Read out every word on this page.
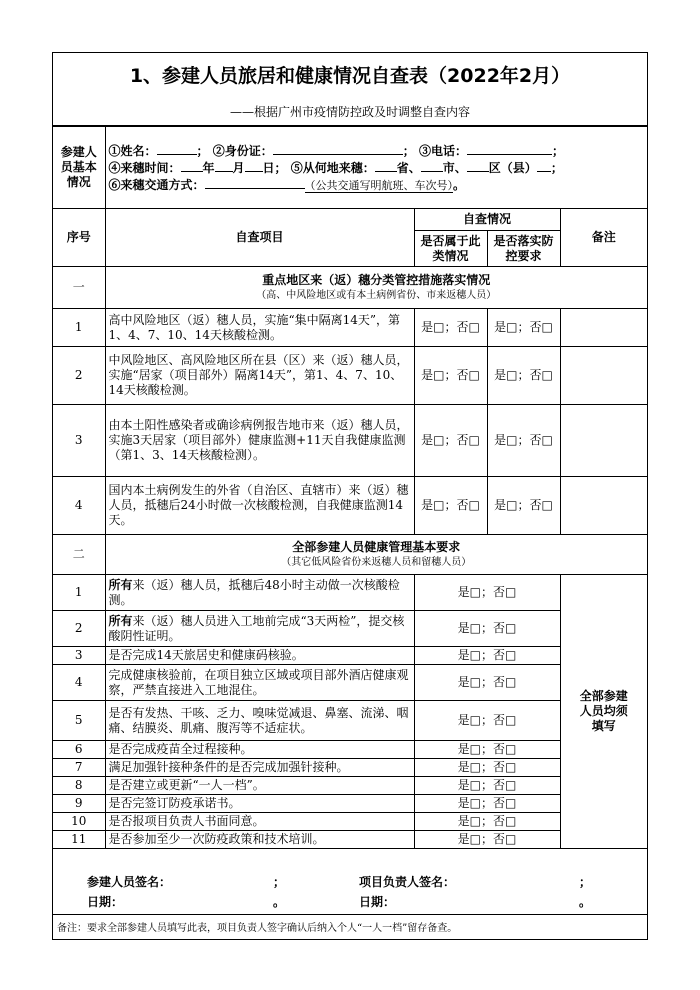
1、参建人员旅居和健康情况自查表（2022年2月）
——根据广州市疫情防控政及时调整自查内容
参建人员基本情况	①姓名： ； ②身份证： ； ③电话： ；
④来穗时间： 年 月 日； ⑤从何地来穗： 省、 市、 区（县） ；
⑥来穗交通方式： （公共交通写明航班、车次号）。			

序号	自查项目	自查情况		备注
		是否属于此类情况	是否落实防控要求	
一	重点地区来（返）穗分类管控措施落实情况
（高、中风险地区或有本土病例省份、市来返穗人员）			

1	高中风险地区（返）穗人员，实施“集中隔离14天”，第1、4、7、10、14天核酸检测。	是□；否□	是□；否□	
2	中风险地区、高风险地区所在县（区）来（返）穗人员，实施“居家（项目部外）隔离14天”，第1、4、7、10、14天核酸检测。	是□；否□	是□；否□	
3	由本土阳性感染者或确诊病例报告地市来（返）穗人员，实施3天居家（项目部外）健康监测+11天自我健康监测（第1、3、14天核酸检测）。	是□；否□	是□；否□	
4	国内本土病例发生的外省（自治区、直辖市）来（返）穗人员，抵穗后24小时做一次核酸检测，自我健康监测14天。	是□；否□	是□；否□	
二	全部参建人员健康管理基本要求
（其它低风险省份来返穗人员和留穗人员）			

1	所有来（返）穗人员，抵穗后48小时主动做一次核酸检测。	是□；否□		全部参建人员均须填写
2	所有来（返）穗人员进入工地前完成“3天两检”，提交核酸阴性证明。	是□；否□		
3	是否完成14天旅居史和健康码核验。	是□；否□		
4	完成健康核验前，在项目独立区域或项目部外酒店健康观察，严禁直接进入工地混住。	是□；否□		
5	是否有发热、干咳、乏力、嗅味觉减退、鼻塞、流涕、咽痛、结膜炎、肌痛、腹泻等不适症状。	是□；否□		
6	是否完成疫苗全过程接种。	是□；否□		
7	满足加强针接种条件的是否完成加强针接种。	是□；否□		
8	是否建立或更新“一人一档”。	是□；否□		
9	是否完签订防疫承诺书。	是□；否□		
10	是否报项目负责人书面同意。	是□；否□		
11	是否参加至少一次防疫政策和技术培训。	是□；否□		
参建人员签名：	；
日期：	。
项目负责人签名：	；
日期：	。
备注：要求全部参建人员填写此表，项目负责人签字确认后纳入个人“一人一档”留存备查。
